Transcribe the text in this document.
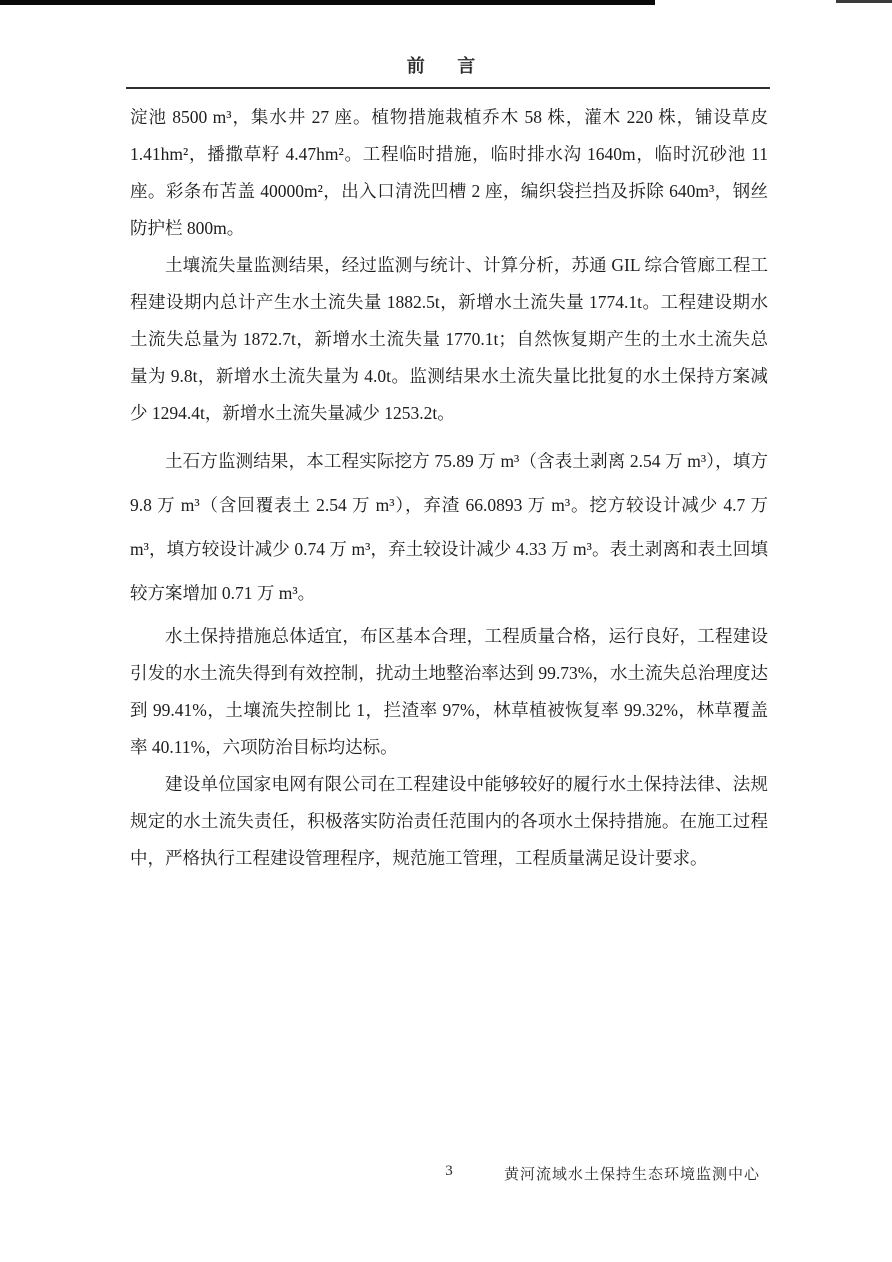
前 言

淀池 8500 m³，集水井 27 座。植物措施栽植乔木 58 株，灌木 220 株，铺设草皮 1.41hm²，播撒草籽 4.47hm²。工程临时措施，临时排水沟 1640m，临时沉砂池 11 座。彩条布苫盖 40000m²，出入口清洗凹槽 2 座，编织袋拦挡及拆除 640m³，钢丝防护栏 800m。

土壤流失量监测结果，经过监测与统计、计算分析，苏通 GIL 综合管廊工程工程建设期内总计产生水土流失量 1882.5t，新增水土流失量 1774.1t。工程建设期水土流失总量为 1872.7t，新增水土流失量 1770.1t；自然恢复期产生的土水土流失总量为 9.8t，新增水土流失量为 4.0t。监测结果水土流失量比批复的水土保持方案减少 1294.4t，新增水土流失量减少 1253.2t。

土石方监测结果，本工程实际挖方 75.89 万 m³（含表土剥离 2.54 万 m³），填方 9.8 万 m³（含回覆表土 2.54 万 m³），弃渣 66.0893 万 m³。挖方较设计减少 4.7 万 m³，填方较设计减少 0.74 万 m³，弃土较设计减少 4.33 万 m³。表土剥离和表土回填较方案增加 0.71 万 m³。

水土保持措施总体适宜，布区基本合理，工程质量合格，运行良好，工程建设引发的水土流失得到有效控制，扰动土地整治率达到 99.73%，水土流失总治理度达到 99.41%，土壤流失控制比 1，拦渣率 97%，林草植被恢复率 99.32%，林草覆盖率 40.11%，六项防治目标均达标。

建设单位国家电网有限公司在工程建设中能够较好的履行水土保持法律、法规规定的水土流失责任，积极落实防治责任范围内的各项水土保持措施。在施工过程中，严格执行工程建设管理程序，规范施工管理，工程质量满足设计要求。

3	黄河流域水土保持生态环境监测中心
